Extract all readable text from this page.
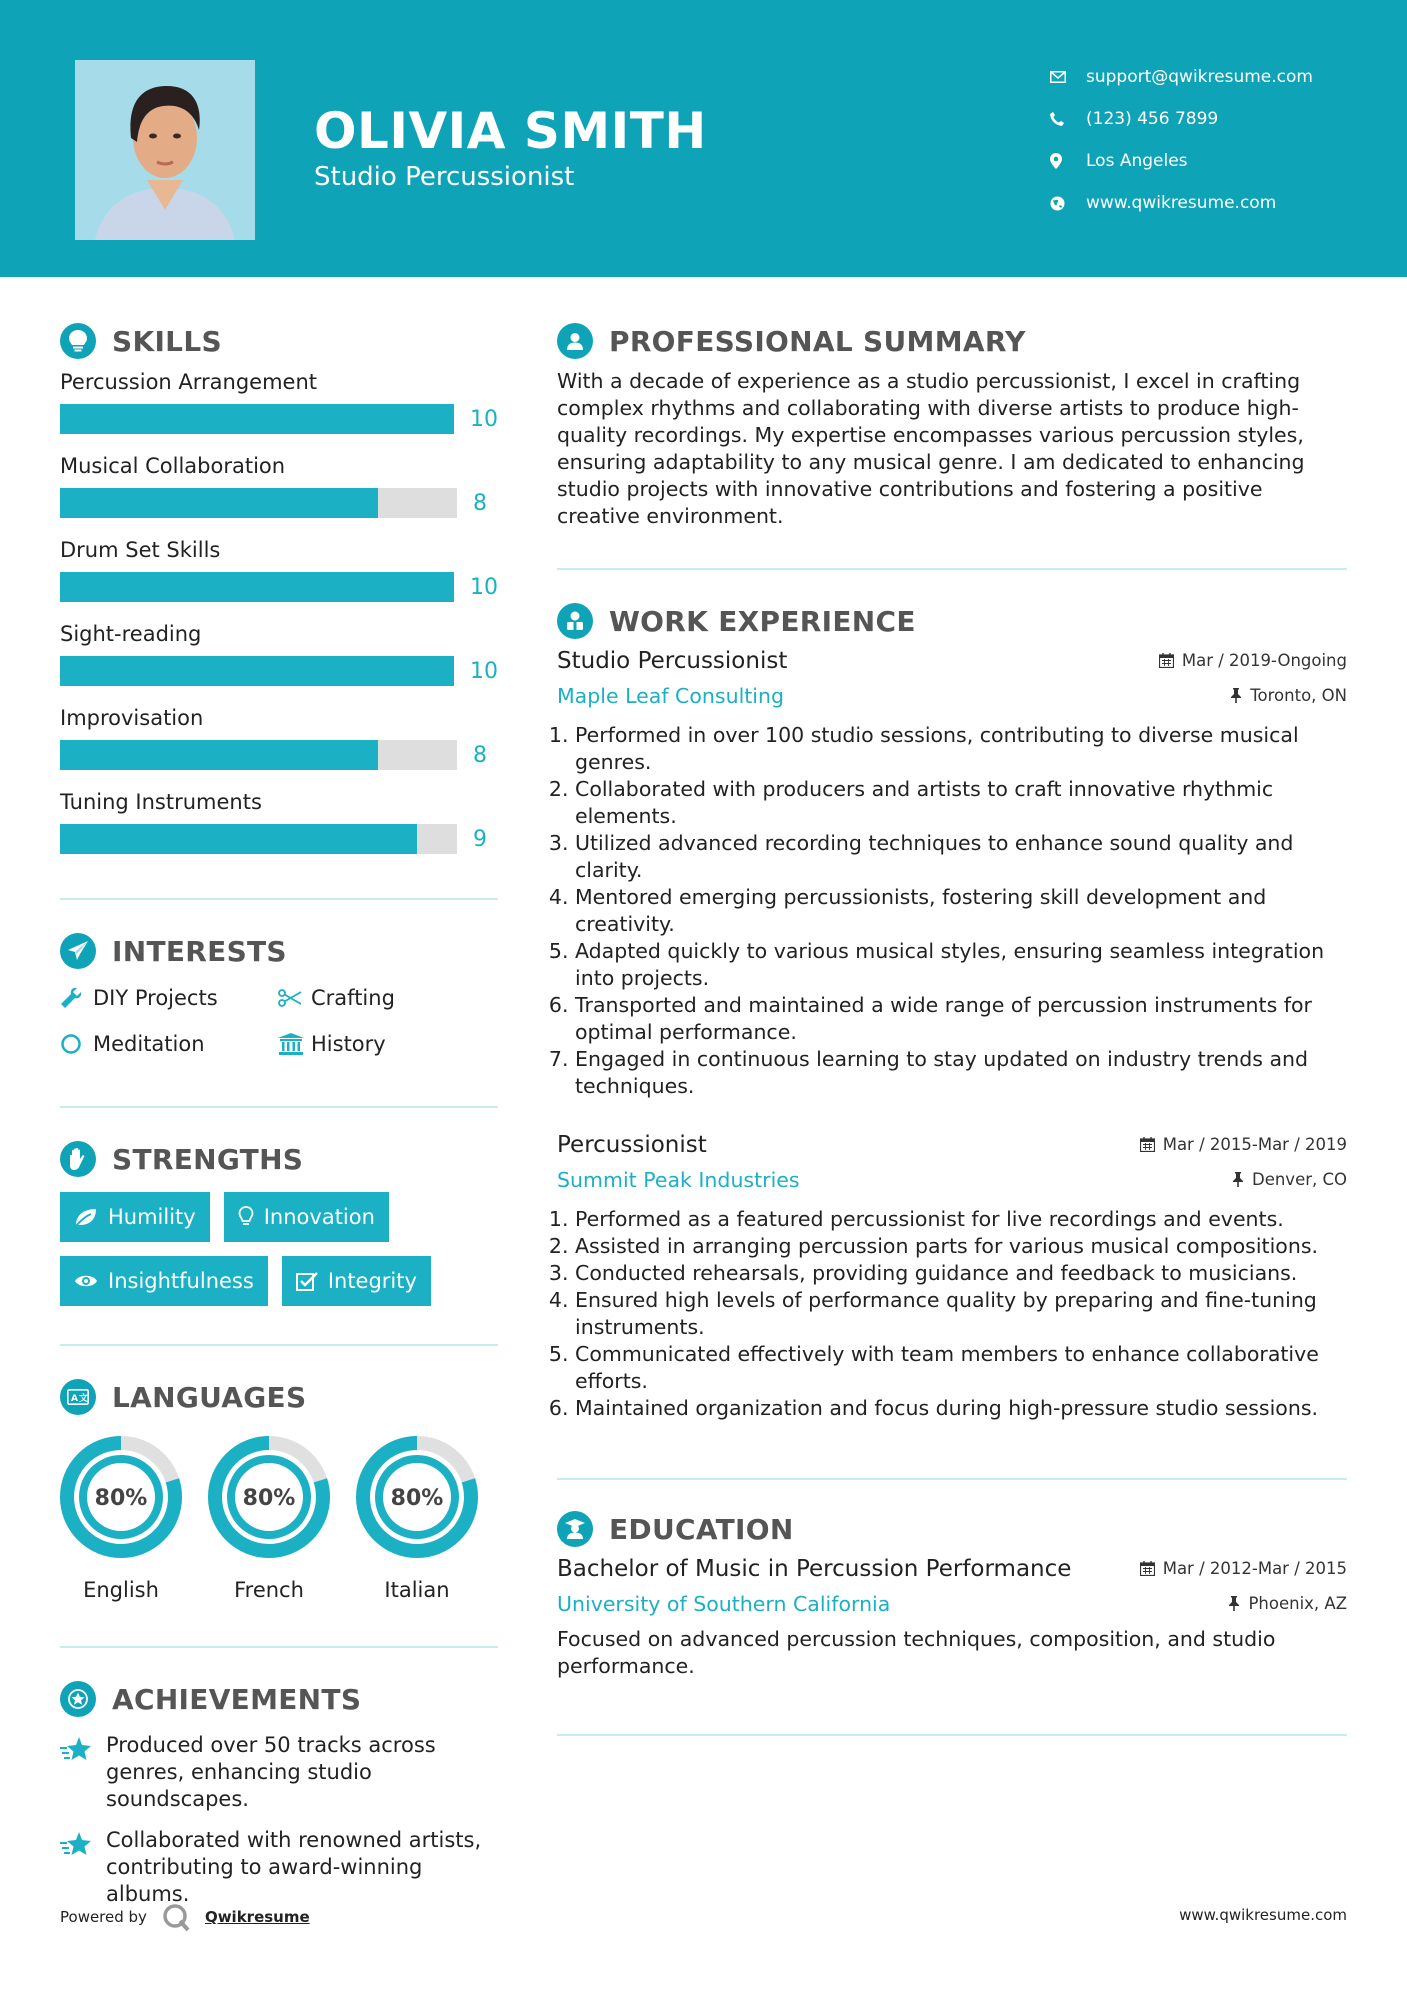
OLIVIA SMITH
Studio Percussionist
support@qwikresume.com
(123) 456 7899
Los Angeles
www.qwikresume.com
SKILLS
Percussion Arrangement
10
Musical Collaboration
8
Drum Set Skills
10
Sight-reading
10
Improvisation
8
Tuning Instruments
9
INTERESTS
DIY Projects	Crafting
Meditation	History
STRENGTHS
Humility	Innovation
Insightfulness	Integrity
A 文 LANGUAGES
80%
English
80%
French
80%
Italian
ACHIEVEMENTS
Produced over 50 tracks across genres, enhancing studio soundscapes.
Collaborated with renowned artists, contributing to award-winning albums.
PROFESSIONAL SUMMARY
With a decade of experience as a studio percussionist, I excel in crafting complex rhythms and collaborating with diverse artists to produce high-quality recordings. My expertise encompasses various percussion styles, ensuring adaptability to any musical genre. I am dedicated to enhancing studio projects with innovative contributions and fostering a positive creative environment.
WORK EXPERIENCE
Studio Percussionist	Mar / 2019-Ongoing
Maple Leaf Consulting	Toronto, ON
1. Performed in over 100 studio sessions, contributing to diverse musical genres.
2. Collaborated with producers and artists to craft innovative rhythmic elements.
3. Utilized advanced recording techniques to enhance sound quality and clarity.
4. Mentored emerging percussionists, fostering skill development and creativity.
5. Adapted quickly to various musical styles, ensuring seamless integration into projects.
6. Transported and maintained a wide range of percussion instruments for optimal performance.
7. Engaged in continuous learning to stay updated on industry trends and techniques.
Percussionist	Mar / 2015-Mar / 2019
Summit Peak Industries	Denver, CO
1. Performed as a featured percussionist for live recordings and events.
2. Assisted in arranging percussion parts for various musical compositions.
3. Conducted rehearsals, providing guidance and feedback to musicians.
4. Ensured high levels of performance quality by preparing and fine-tuning instruments.
5. Communicated effectively with team members to enhance collaborative efforts.
6. Maintained organization and focus during high-pressure studio sessions.
EDUCATION
Bachelor of Music in Percussion Performance	Mar / 2012-Mar / 2015
University of Southern California	Phoenix, AZ
Focused on advanced percussion techniques, composition, and studio performance.
Powered by	Qwikresume	www.qwikresume.com
